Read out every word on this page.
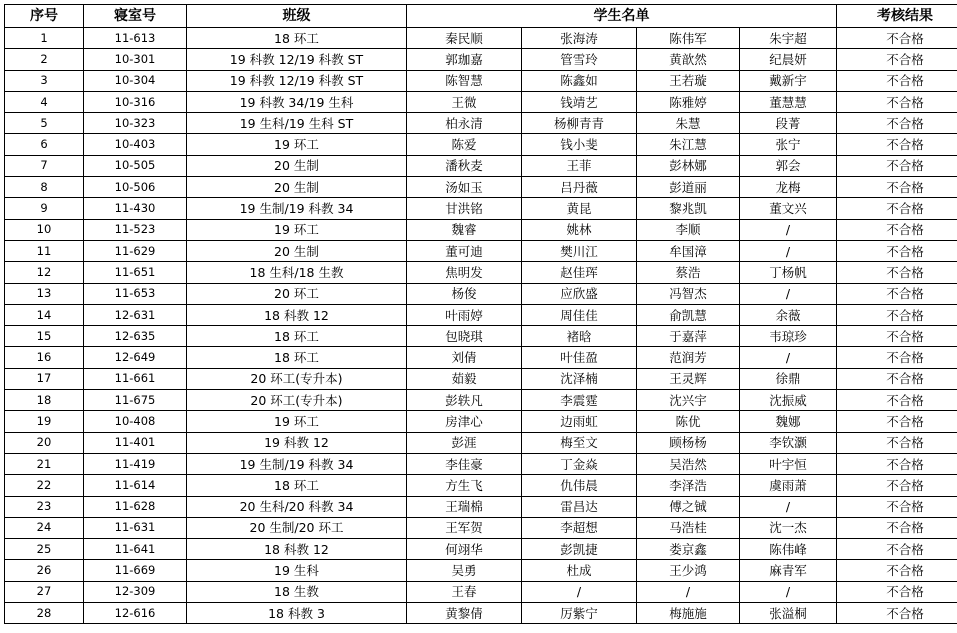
序号	寝室号	班级	学生名单				考核结果
1	11-613	18 环工	秦民顺	张海涛	陈伟军	朱宇超	不合格
2	10-301	19 科教 12/19 科教 ST	郭珈嘉	管雪玲	黄歆然	纪晨妍	不合格
3	10-304	19 科教 12/19 科教 ST	陈智慧	陈鑫如	王若璇	戴新宇	不合格
4	10-316	19 科教 34/19 生科	王微	钱靖艺	陈雅婷	董慧慧	不合格
5	10-323	19 生科/19 生科 ST	柏永清	杨柳青青	朱慧	段菁	不合格
6	10-403	19 环工	陈爱	钱小斐	朱江慧	张宁	不合格
7	10-505	20 生制	潘秋麦	王菲	彭林娜	郭会	不合格
8	10-506	20 生制	汤如玉	吕丹薇	彭道丽	龙梅	不合格
9	11-430	19 生制/19 科教 34	甘洪铭	黄昆	黎兆凯	董文兴	不合格
10	11-523	19 环工	魏睿	姚林	李顺	/	不合格
11	11-629	20 生制	董可迪	樊川江	牟国漳	/	不合格
12	11-651	18 生科/18 生教	焦明发	赵佳珲	蔡浩	丁杨帆	不合格
13	11-653	20 环工	杨俊	应欣盛	冯智杰	/	不合格
14	12-631	18 科教 12	叶雨婷	周佳佳	俞凯慧	余薇	不合格
15	12-635	18 环工	包晓琪	褚晗	于嘉萍	韦琼珍	不合格
16	12-649	18 环工	刘倩	叶佳盈	范润芳	/	不合格
17	11-661	20 环工(专升本)	茹毅	沈泽楠	王灵辉	徐鼎	不合格
18	11-675	20 环工(专升本)	彭轶凡	李震霆	沈兴宇	沈振威	不合格
19	10-408	19 环工	房津心	边雨虹	陈优	魏娜	不合格
20	11-401	19 科教 12	彭涯	梅至文	顾杨杨	李钦灏	不合格
21	11-419	19 生制/19 科教 34	李佳豪	丁金焱	吴浩然	叶宇恒	不合格
22	11-614	18 环工	方生飞	仇伟晨	李泽浩	虞雨萧	不合格
23	11-628	20 生科/20 科教 34	王瑞棉	雷昌达	傅之铖	/	不合格
24	11-631	20 生制/20 环工	王军贺	李超想	马浩桂	沈一杰	不合格
25	11-641	18 科教 12	何翊华	彭凯捷	娄京鑫	陈伟峰	不合格
26	11-669	19 生科	吴勇	杜成	王少鸿	麻青军	不合格
27	12-309	18 生教	王春	/	/	/	不合格
28	12-616	18 科教 3	黄黎倩	厉紫宁	梅施施	张溢桐	不合格
